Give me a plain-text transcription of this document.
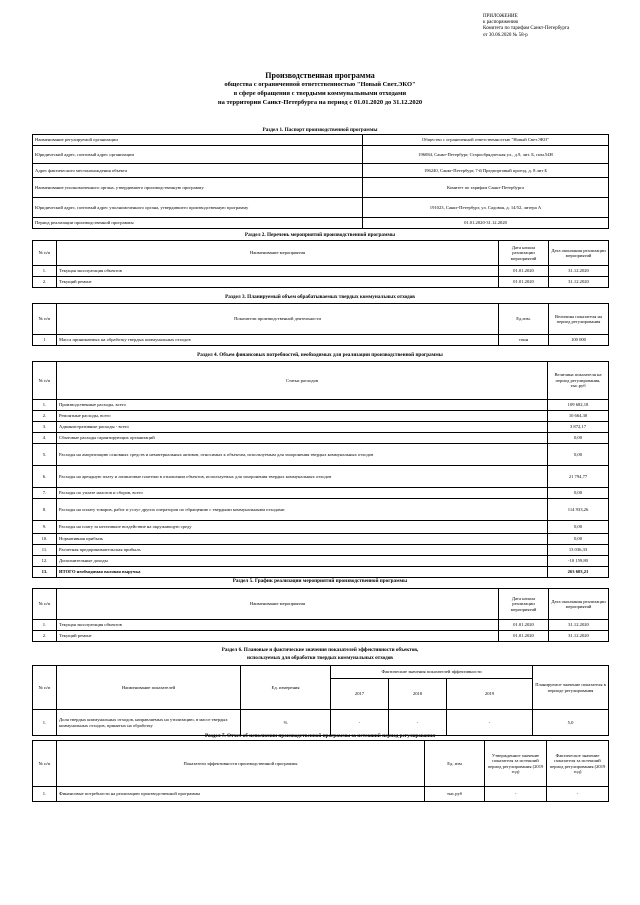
ПРИЛОЖЕНИЕ
к распоряжению
Комитета по тарифам Санкт-Петербурга
от 30.06.2020 № 58-р
Производственная программа
общества с ограниченной ответственностью "Новый Свет.ЭКО"
в сфере обращения с твердыми коммунальными отходами
на территории Санкт-Петербурга на период с 01.01.2020 до 31.12.2020
Раздел 1. Паспорт производственной программы
Наименование регулируемой организации	Общество с ограниченной ответственностью "Новый Свет.ЭКО"
Юридический адрес, почтовый адрес организации	196084, Санкт-Петербург, Старообрядческая ул., д.9, лит. Б, пом.54Н
Адрес фактического местонахождения объекта	196240, Санкт-Петербург, 7-й Предпортовый проезд, д. 8 лит Б
Наименование уполномоченного органа, утвердившего производственную программу	Комитет по тарифам Санкт-Петербурга
Юридический адрес, почтовый адрес уполномоченного органа, утвердившего производственную программу	191023, Санкт-Петербург, ул. Садовая, д. 14/52, литера А
Период реализации производственной программы	01.01.2020-31.12.2020
Раздел 2. Перечень мероприятий производственной программы
№ п/п	Наименование мероприятия	Дата начала реализации мероприятий	Дата окончания реализации мероприятий
1.	Текущая эксплуатация объектов	01.01.2020	31.12.2020
2.	Текущий ремонт	01.01.2020	31.12.2020
Раздел 3. Планируемый объем обрабатываемых твердых коммунальных отходов
№ п/п	Показатели производственной деятельности	Ед.изм.	Величина показателя на период регулирования
1	Масса принимаемых на обработку твердых коммунальных отходов	тонн	100 000
Раздел 4. Объем финансовых потребностей, необходимых для реализации производственной программы
№ п/п	Статьи расходов	Величина показателя на период регулирования, тыс.руб
1.	Производственные расходы, всего	109 682,18
2.	Ремонтные расходы, всего	10 664,30
3.	Административные расходы - всего	3 872,17
4.	Сбытовые расходы гарантирующих организаций	0,00
5.	Расходы на амортизацию основных средств и нематериальных активов, относимых к объектам, используемым для захоронения твердых коммунальных отходов	0,00
6.	Расходы на арендную плату и лизинговые платежи в отношении объектов, используемых для захоронения твердых коммунальных отходов	21 794,77
7.	Расходы по уплате налогов и сборов, всего	0,00
8.	Расходы на оплату товаров, работ и услуг других операторов по обращению с твердыми коммунальными отходами	114 933,26
9.	Расходы на плату за негативное воздействие на окружающую среду	0,00
10.	Нормативная прибыль	0,00
11.	Расчетная предпринимательская прибыль	13 036,33
12.	Дополнительные доходы	-10 159,80
13.	ИТОГО необходимая валовая выручка	263 603,21
Раздел 5. График реализации мероприятий производственной программы
№ п/п	Наименование мероприятия	Дата начала реализации мероприятий	Дата окончания реализации мероприятий
1.	Текущая эксплуатация объектов	01.01.2020	31.12.2020
2.	Текущий ремонт	01.01.2020	31.12.2020
Раздел 6. Плановые и фактические значения показателей эффективности объектов,
используемых для обработки твердых коммунальных отходов
№ п/п	Наименование показателей	Ед. измерения	Фактические значения показателей эффективности			Планируемое значение показателя в периоде регулирования
			2017	2018	2019	
1.	Доля твердых коммунальных отходов, направляемых на утилизацию, в массе твердых коммунальных отходов, принятых на обработку	%	-	-	-	5,0
Раздел 7. Отчет об исполнении производственной программы за истекший период регулирования
№ п/п	Показатели эффективности производственной программы	Ед. изм	Утвержденное значение показателя за истекший период регулирования (2019 год)	Фактическое значение показателя за истекший период регулирования (2019 год)
1.	Финансовые потребности на реализацию производственной программы	тыс.руб	-	-
